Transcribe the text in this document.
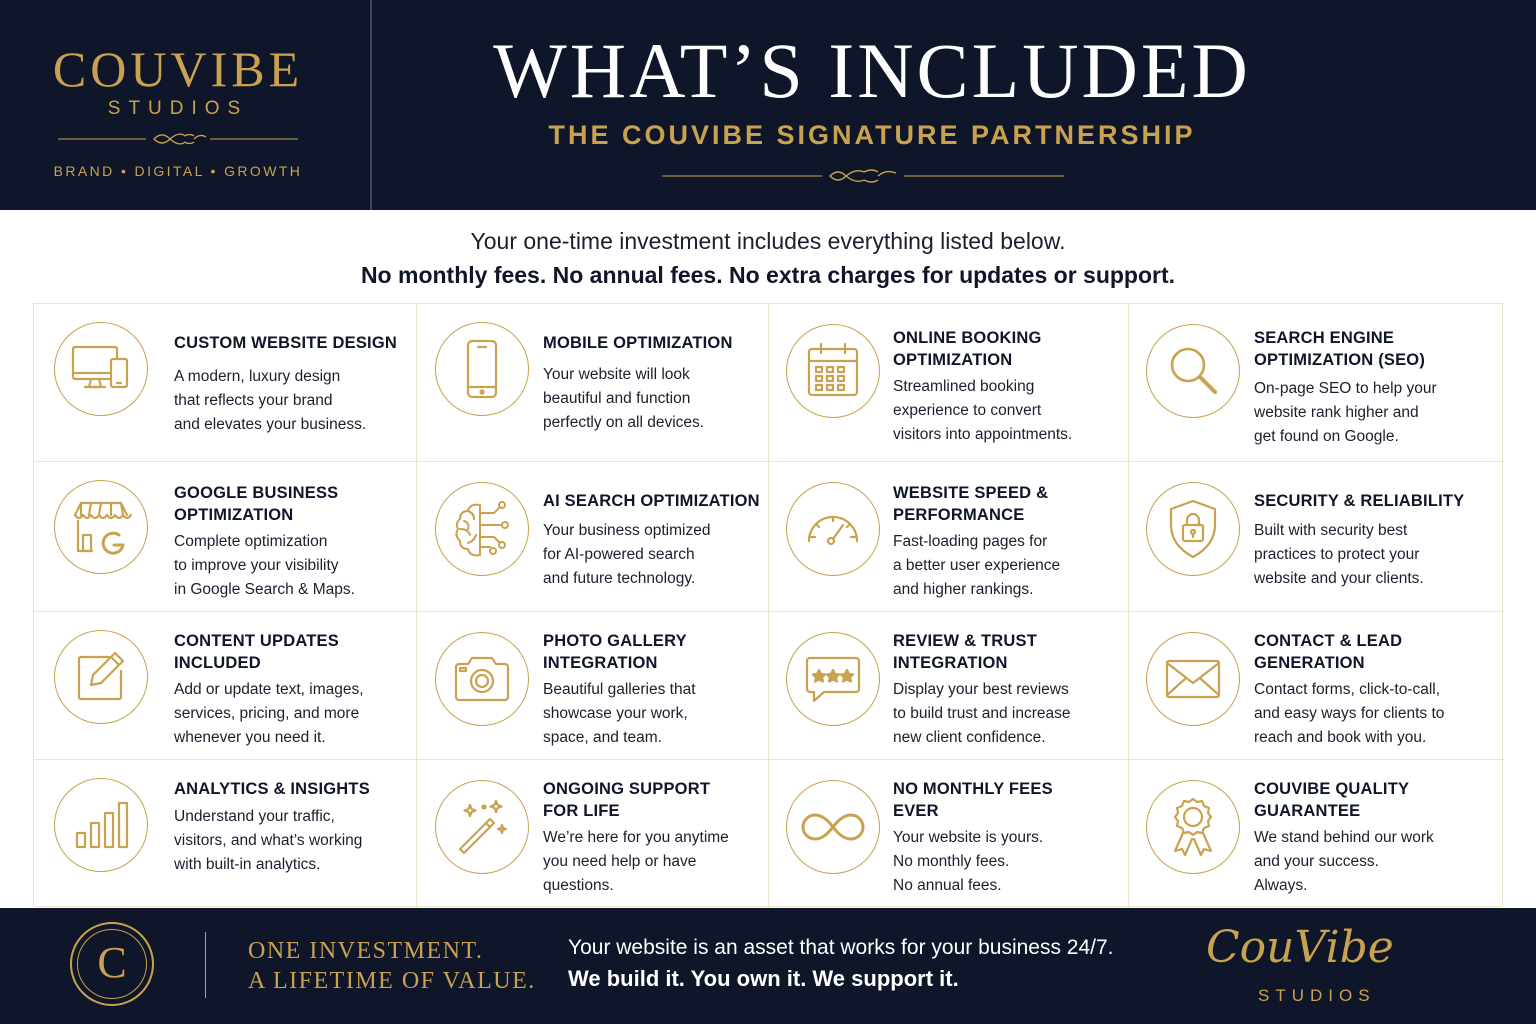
COUVIBE
STUDIOS
BRAND • DIGITAL • GROWTH
WHAT’S INCLUDED
THE COUVIBE SIGNATURE PARTNERSHIP
Your one-time investment includes everything listed below.
No monthly fees. No annual fees. No extra charges for updates or support.
CUSTOM WEBSITE DESIGN
A modern, luxury design
that reflects your brand
and elevates your business.
MOBILE OPTIMIZATION
Your website will look
beautiful and function
perfectly on all devices.
ONLINE BOOKING
OPTIMIZATION
Streamlined booking
experience to convert
visitors into appointments.
SEARCH ENGINE
OPTIMIZATION (SEO)
On-page SEO to help your
website rank higher and
get found on Google.
GOOGLE BUSINESS
OPTIMIZATION
Complete optimization
to improve your visibility
in Google Search & Maps.
AI SEARCH OPTIMIZATION
Your business optimized
for AI-powered search
and future technology.
WEBSITE SPEED &
PERFORMANCE
Fast-loading pages for
a better user experience
and higher rankings.
SECURITY & RELIABILITY
Built with security best
practices to protect your
website and your clients.
CONTENT UPDATES
INCLUDED
Add or update text, images,
services, pricing, and more
whenever you need it.
PHOTO GALLERY
INTEGRATION
Beautiful galleries that
showcase your work,
space, and team.
REVIEW & TRUST
INTEGRATION
Display your best reviews
to build trust and increase
new client confidence.
CONTACT & LEAD
GENERATION
Contact forms, click-to-call,
and easy ways for clients to
reach and book with you.
ANALYTICS & INSIGHTS
Understand your traffic,
visitors, and what’s working
with built-in analytics.
ONGOING SUPPORT
FOR LIFE
We’re here for you anytime
you need help or have
questions.
NO MONTHLY FEES
EVER
Your website is yours.
No monthly fees.
No annual fees.
COUVIBE QUALITY
GUARANTEE
We stand behind our work
and your success.
Always.
C	ONE INVESTMENT.
A LIFETIME OF VALUE.
Your website is an asset that works for your business 24/7.
We build it. You own it. We support it.
CouVibe
STUDIOS
